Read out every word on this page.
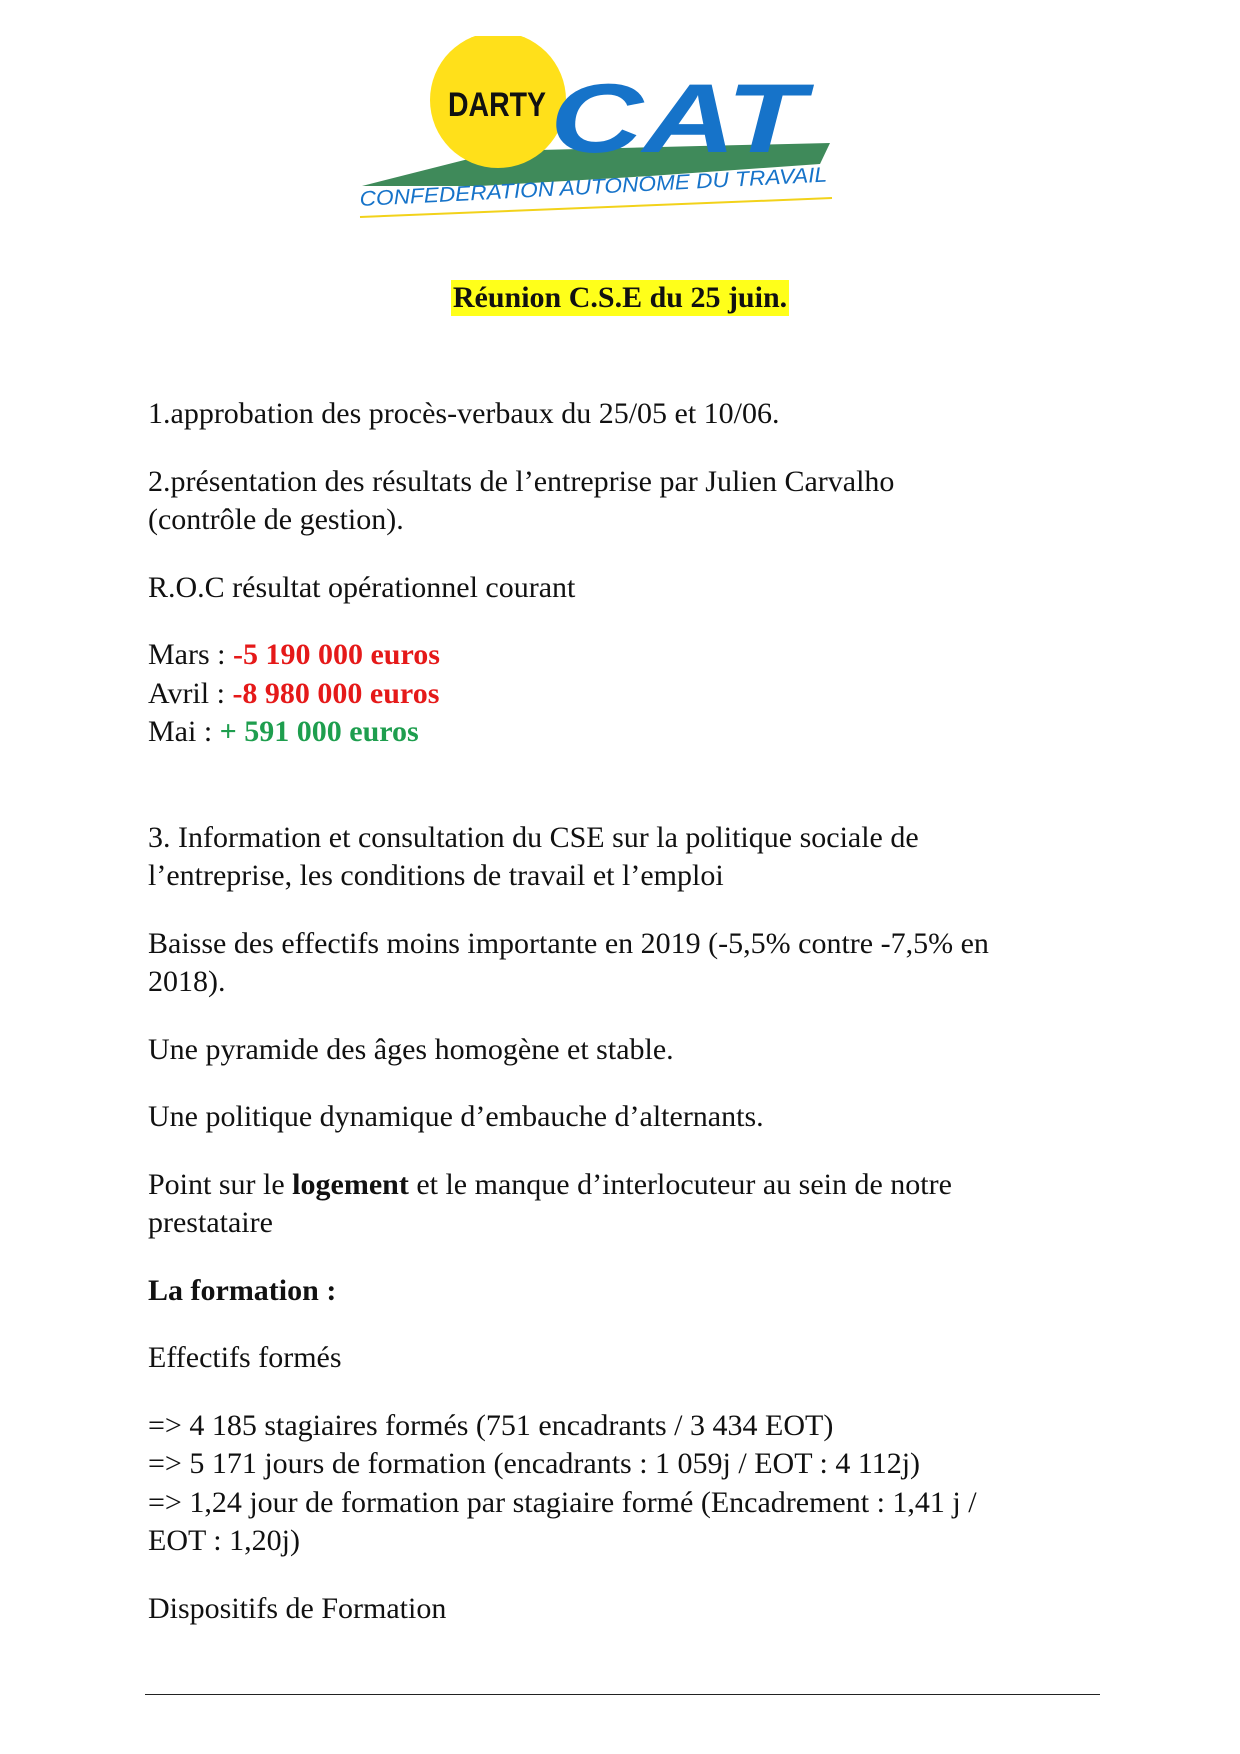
DARTY CAT
CONFEDERATION AUTONOME DU TRAVAIL
Réunion C.S.E du 25 juin.

1.approbation des procès-verbaux du 25/05 et 10/06.

2.présentation des résultats de l’entreprise par Julien Carvalho

(contrôle de gestion).

R.O.C résultat opérationnel courant

Mars : -5 190 000 euros

Avril : -8 980 000 euros

Mai : + 591 000 euros

3. Information et consultation du CSE sur la politique sociale de

l’entreprise, les conditions de travail et l’emploi

Baisse des effectifs moins importante en 2019 (-5,5% contre -7,5% en

2018).

Une pyramide des âges homogène et stable.

Une politique dynamique d’embauche d’alternants.

Point sur le logement et le manque d’interlocuteur au sein de notre

prestataire

La formation :

Effectifs formés

=> 4 185 stagiaires formés (751 encadrants / 3 434 EOT)

=> 5 171 jours de formation (encadrants : 1 059j / EOT : 4 112j)

=> 1,24 jour de formation par stagiaire formé (Encadrement : 1,41 j /

EOT : 1,20j)

Dispositifs de Formation
